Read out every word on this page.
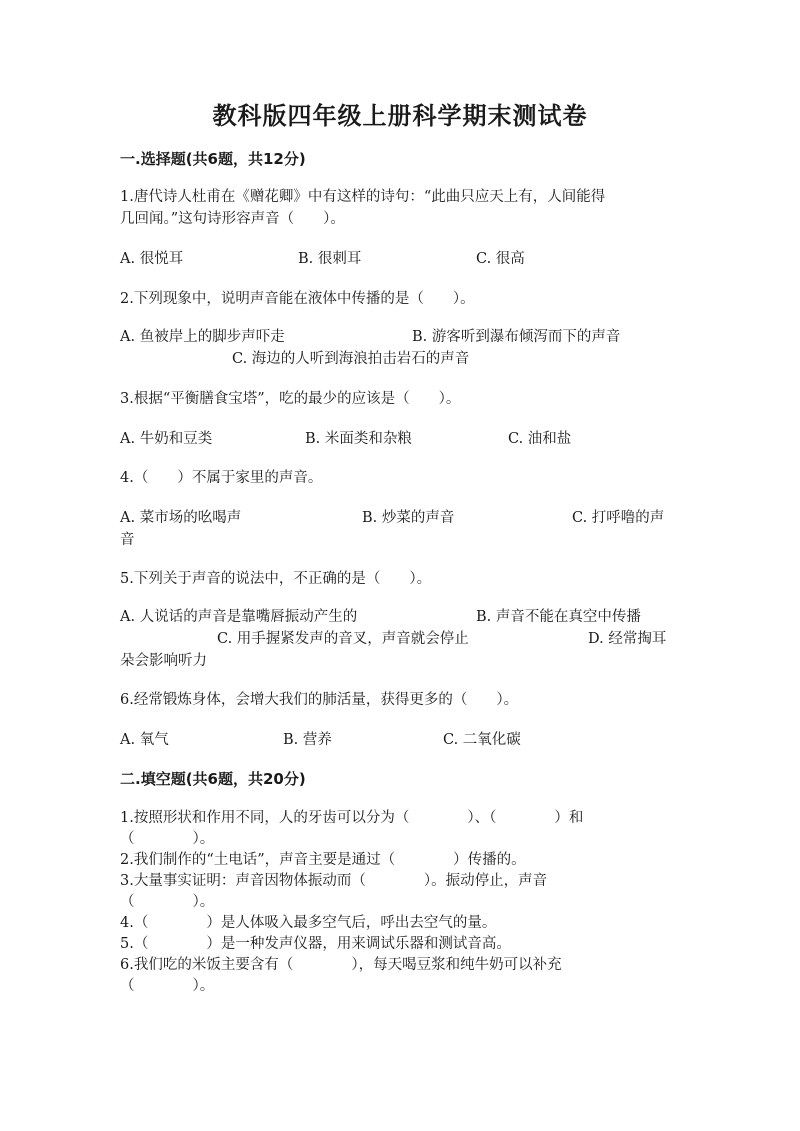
教科版四年级上册科学期末测试卷
一.选择题(共6题，共12分)
1.唐代诗人杜甫在《赠花卿》中有这样的诗句：“此曲只应天上有，人间能得
几回闻。”这句诗形容声音（　　）。
A. 很悦耳	B. 很刺耳	C. 很高
2.下列现象中，说明声音能在液体中传播的是（　　）。
A. 鱼被岸上的脚步声吓走	B. 游客听到瀑布倾泻而下的声音
C. 海边的人听到海浪拍击岩石的声音
3.根据“平衡膳食宝塔”，吃的最少的应该是（　　）。
A. 牛奶和豆类	B. 米面类和杂粮	C. 油和盐
4.（　　）不属于家里的声音。
A. 菜市场的吆喝声	B. 炒菜的声音	C. 打呼噜的声
音
5.下列关于声音的说法中，不正确的是（　　）。
A. 人说话的声音是靠嘴唇振动产生的	B. 声音不能在真空中传播
C. 用手握紧发声的音叉，声音就会停止	D. 经常掏耳
朵会影响听力
6.经常锻炼身体，会增大我们的肺活量，获得更多的（　　）。
A. 氧气	B. 营养	C. 二氧化碳
二.填空题(共6题，共20分)
1.按照形状和作用不同，人的牙齿可以分为（　　　　）、（　　　　）和
（　　　　）。
2.我们制作的“土电话”，声音主要是通过（　　　　）传播的。
3.大量事实证明：声音因物体振动而（　　　　）。振动停止，声音
（　　　　）。
4.（　　　　）是人体吸入最多空气后，呼出去空气的量。
5.（　　　　）是一种发声仪器，用来调试乐器和测试音高。
6.我们吃的米饭主要含有（　　　　），每天喝豆浆和纯牛奶可以补充
（　　　　）。
